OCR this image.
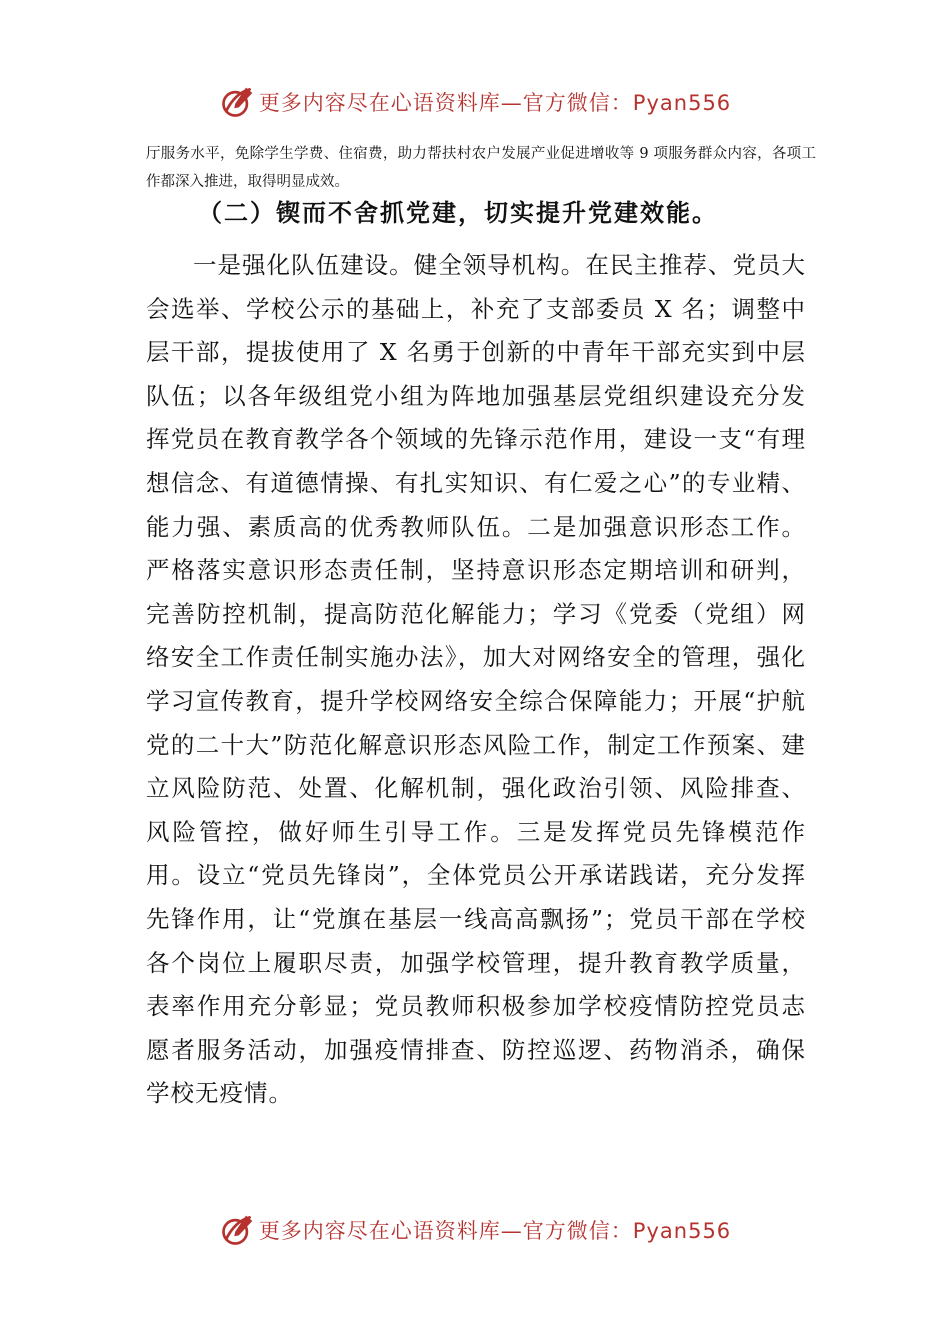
更多内容尽在心语资料库—官方微信：Pyan556
厅服务水平，免除学生学费、住宿费，助力帮扶村农户发展产业促进增收等 9 项服务群众内容，各项工作都深入推进，取得明显成效。
（二）锲而不舍抓党建，切实提升党建效能。
一是强化队伍建设。健全领导机构。在民主推荐、党员大会选举、学校公示的基础上，补充了支部委员 X 名；调整中层干部，提拔使用了 X 名勇于创新的中青年干部充实到中层队伍；以各年级组党小组为阵地加强基层党组织建设充分发挥党员在教育教学各个领域的先锋示范作用，建设一支“有理想信念、有道德情操、有扎实知识、有仁爱之心”的专业精、能力强、素质高的优秀教师队伍。二是加强意识形态工作。严格落实意识形态责任制，坚持意识形态定期培训和研判，完善防控机制，提高防范化解能力；学习《党委（党组）网络安全工作责任制实施办法》，加大对网络安全的管理，强化学习宣传教育，提升学校网络安全综合保障能力；开展“护航党的二十大”防范化解意识形态风险工作，制定工作预案、建立风险防范、处置、化解机制，强化政治引领、风险排查、风险管控，做好师生引导工作。三是发挥党员先锋模范作用。设立“党员先锋岗”，全体党员公开承诺践诺，充分发挥先锋作用，让“党旗在基层一线高高飘扬”；党员干部在学校各个岗位上履职尽责，加强学校管理，提升教育教学质量，表率作用充分彰显；党员教师积极参加学校疫情防控党员志愿者服务活动，加强疫情排查、防控巡逻、药物消杀，确保学校无疫情。
更多内容尽在心语资料库—官方微信：Pyan556
